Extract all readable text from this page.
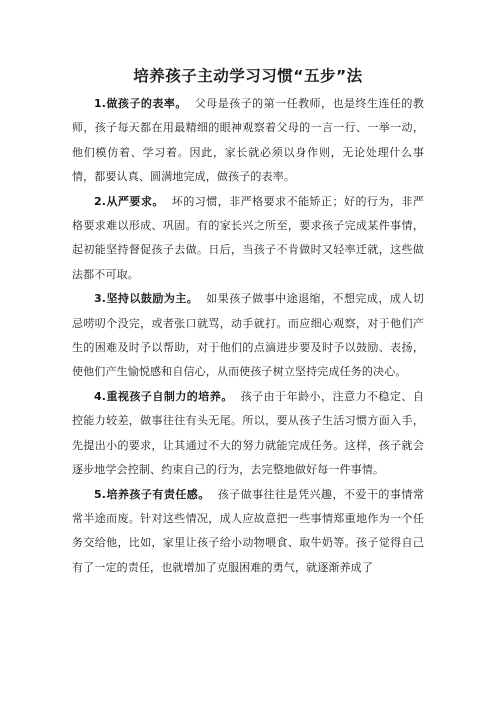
培养孩子主动学习习惯“五步”法

1.做孩子的表率。 父母是孩子的第一任教师，也是终生连任的教师，孩子每天都在用最精细的眼神观察着父母的一言一行、一举一动，他们模仿着、学习着。因此，家长就必须以身作则，无论处理什么事情，都要认真、圆满地完成，做孩子的表率。

2.从严要求。 坏的习惯，非严格要求不能矫正；好的行为，非严格要求难以形成、巩固。有的家长兴之所至，要求孩子完成某件事情，起初能坚持督促孩子去做。日后，当孩子不肯做时又轻率迁就，这些做法都不可取。

3.坚持以鼓励为主。 如果孩子做事中途退缩，不想完成，成人切忌唠叨个没完，或者张口就骂，动手就打。而应细心观察，对于他们产生的困难及时予以帮助，对于他们的点滴进步要及时予以鼓励、表扬，使他们产生愉悦感和自信心，从而使孩子树立坚持完成任务的决心。

4.重视孩子自制力的培养。 孩子由于年龄小，注意力不稳定、自控能力较差，做事往往有头无尾。所以，要从孩子生活习惯方面入手，先提出小的要求，让其通过不大的努力就能完成任务。这样，孩子就会逐步地学会控制、约束自己的行为，去完整地做好每一件事情。

5.培养孩子有责任感。 孩子做事往往是凭兴趣，不爱干的事情常常半途而废。针对这些情况，成人应故意把一些事情郑重地作为一个任务交给他，比如，家里让孩子给小动物喂食、取牛奶等。孩子觉得自己有了一定的责任，也就增加了克服困难的勇气，就逐渐养成了
